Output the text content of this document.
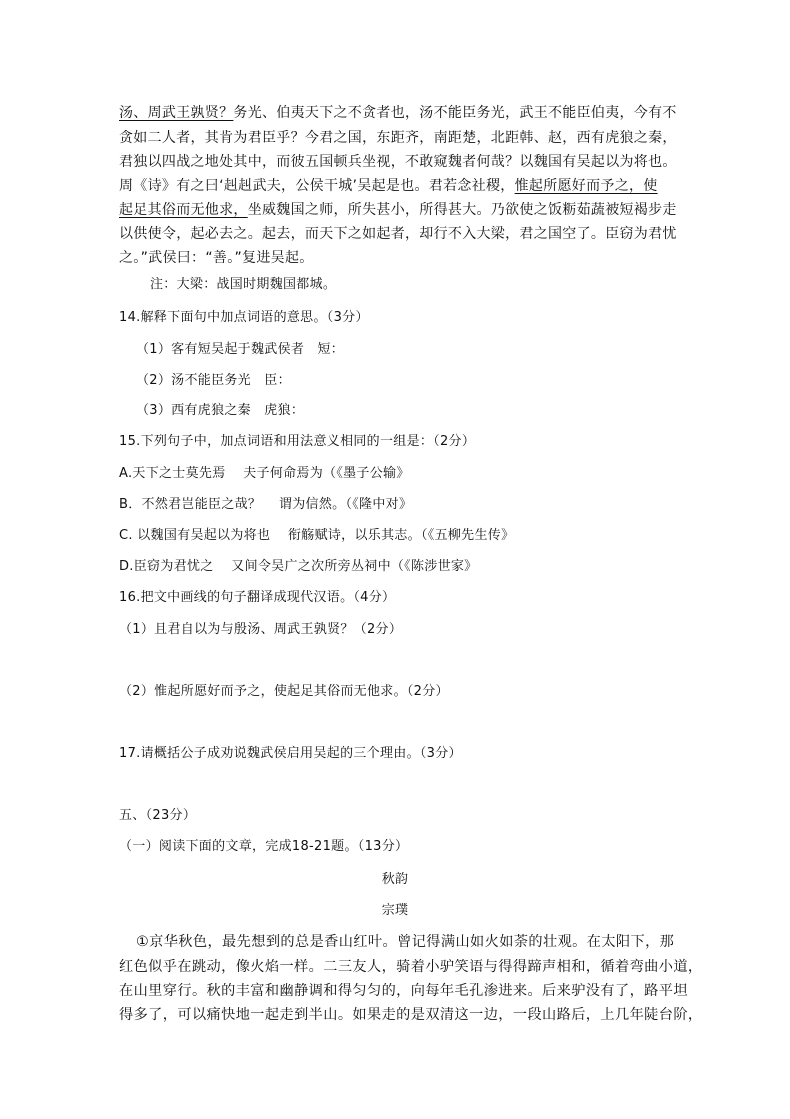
汤、周武王孰贤？务光、伯夷天下之不贪者也，汤不能臣务光，武王不能臣伯夷，今有不
贪如二人者，其肯为君臣乎？今君之国，东距齐，南距楚，北距韩、赵，西有虎狼之秦，
君独以四战之地处其中，而彼五国顿兵坐视，不敢窥魏者何哉？以魏国有吴起以为将也。
周《诗》有之曰‘赳赳武夫，公侯干城’吴起是也。君若念社稷，惟起所愿好而予之，使
起足其俗而无他求，坐威魏国之师，所失甚小，所得甚大。乃欲使之饭粝茹蔬被短褐步走
以供使令，起必去之。起去，而天下之如起者，却行不入大梁，君之国空了。臣窃为君忧
之。”武侯曰：“善。”复进吴起。
注：大梁：战国时期魏国都城。
14.解释下面句中加点词语的意思。（3分）
（1）客有短吴起于魏武侯者　短：
（2）汤不能臣务光　臣：
（3）西有虎狼之秦　虎狼：
15.下列句子中，加点词语和用法意义相同的一组是：（2分）
A.天下之士莫先焉　 夫子何命焉为（《墨子公输》
B．不然君岂能臣之哉？　 谓为信然。（《隆中对》
C. 以魏国有吴起以为将也　 衔觞赋诗，以乐其志。（《五柳先生传》
D.臣窃为君忧之　 又间令吴广之次所旁丛祠中（《陈涉世家》
16.把文中画线的句子翻译成现代汉语。（4分）
（1）且君自以为与殷汤、周武王孰贤？（2分）
（2）惟起所愿好而予之，使起足其俗而无他求。（2分）
17.请概括公子成劝说魏武侯启用吴起的三个理由。（3分）
五、（23分）
（一）阅读下面的文章，完成18-21题。（13分）
秋韵
宗璞
①京华秋色，最先想到的总是香山红叶。曾记得满山如火如荼的壮观。在太阳下，那
红色似乎在跳动，像火焰一样。二三友人，骑着小驴笑语与得得蹄声相和，循着弯曲小道，
在山里穿行。秋的丰富和幽静调和得匀匀的，向每年毛孔渗进来。后来驴没有了，路平坦
得多了，可以痛快地一起走到半山。如果走的是双清这一边，一段山路后，上几年陡台阶，
